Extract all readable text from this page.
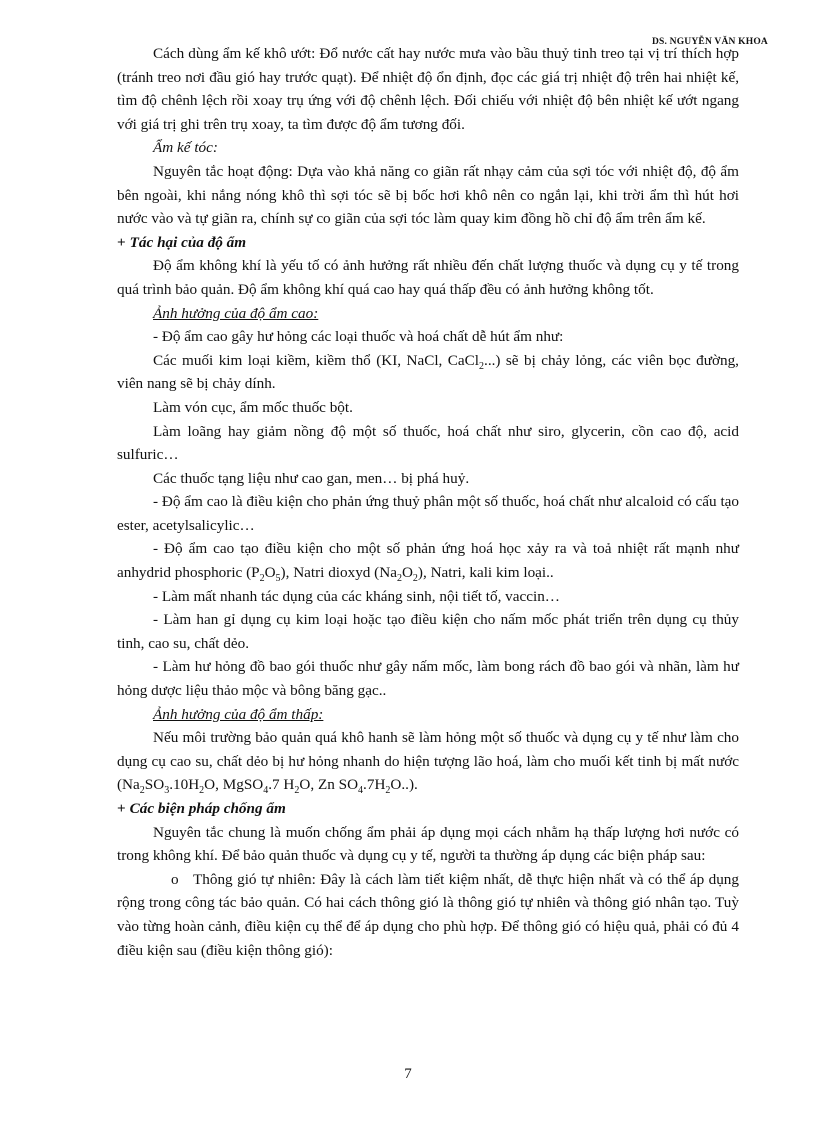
DS. NGUYỄN VĂN KHOA

Cách dùng ẩm kế khô ướt: Đổ nước cất hay nước mưa vào bầu thuỷ tinh treo tại vị trí thích hợp (tránh treo nơi đầu gió hay trước quạt). Để nhiệt độ ổn định, đọc các giá trị nhiệt độ trên hai nhiệt kế, tìm độ chênh lệch rồi xoay trụ ứng với độ chênh lệch. Đối chiếu với nhiệt độ bên nhiệt kế ướt ngang với giá trị ghi trên trụ xoay, ta tìm được độ ẩm tương đối.

Ẩm kế tóc:

Nguyên tắc hoạt động: Dựa vào khả năng co giãn rất nhạy cảm của sợi tóc với nhiệt độ, độ ẩm bên ngoài, khi nắng nóng khô thì sợi tóc sẽ bị bốc hơi khô nên co ngắn lại, khi trời ẩm thì hút hơi nước vào và tự giãn ra, chính sự co giãn của sợi tóc làm quay kim đồng hồ chỉ độ ẩm trên ẩm kế.

+ Tác hại của độ ẩm

Độ ẩm không khí là yếu tố có ảnh hưởng rất nhiều đến chất lượng thuốc và dụng cụ y tế trong quá trình bảo quản. Độ ẩm không khí quá cao hay quá thấp đều có ảnh hưởng không tốt.

Ảnh hưởng của độ ẩm cao:

- Độ ẩm cao gây hư hỏng các loại thuốc và hoá chất dễ hút ẩm như:

Các muối kim loại kiềm, kiềm thổ (KI, NaCl, CaCl$_2$...) sẽ bị chảy lỏng, các viên bọc đường, viên nang sẽ bị chảy dính.

Làm vón cục, ẩm mốc thuốc bột.

Làm loãng hay giảm nồng độ một số thuốc, hoá chất như siro, glycerin, cồn cao độ, acid sulfuric…

Các thuốc tạng liệu như cao gan, men… bị phá huỷ.

- Độ ẩm cao là điều kiện cho phản ứng thuỷ phân một số thuốc, hoá chất như alcaloid có cấu tạo ester, acetylsalicylic…

- Độ ẩm cao tạo điều kiện cho một số phản ứng hoá học xảy ra và toả nhiệt rất mạnh như anhydrid phosphoric $(P_2O_5)$, Natri dioxyd $(Na_2O_2)$, Natri, kali kim loại..

- Làm mất nhanh tác dụng của các kháng sinh, nội tiết tố, vaccin…

- Làm han gỉ dụng cụ kim loại hoặc tạo điều kiện cho nấm mốc phát triển trên dụng cụ thủy tinh, cao su, chất dẻo.

- Làm hư hỏng đồ bao gói thuốc như gây nấm mốc, làm bong rách đồ bao gói và nhãn, làm hư hỏng dược liệu thảo mộc và bông băng gạc..

Ảnh hưởng của độ ẩm thấp:

Nếu môi trường bảo quản quá khô hanh sẽ làm hỏng một số thuốc và dụng cụ y tế như làm cho dụng cụ cao su, chất dẻo bị hư hỏng nhanh do hiện tượng lão hoá, làm cho muối kết tinh bị mất nước ($Na_2SO_3.10H_2O$, MgSO$_4$.7 $H_2O$, Zn $SO_4.7H_2O$..).

+ Các biện pháp chống ẩm

Nguyên tắc chung là muốn chống ẩm phải áp dụng mọi cách nhằm hạ thấp lượng hơi nước có trong không khí. Để bảo quản thuốc và dụng cụ y tế, người ta thường áp dụng các biện pháp sau:

o Thông gió tự nhiên: Đây là cách làm tiết kiệm nhất, dễ thực hiện nhất và có thể áp dụng rộng trong công tác bảo quản. Có hai cách thông gió là thông gió tự nhiên và thông gió nhân tạo. Tuỳ vào từng hoàn cảnh, điều kiện cụ thể để áp dụng cho phù hợp. Để thông gió có hiệu quả, phải có đủ 4 điều kiện sau (điều kiện thông gió):

7
